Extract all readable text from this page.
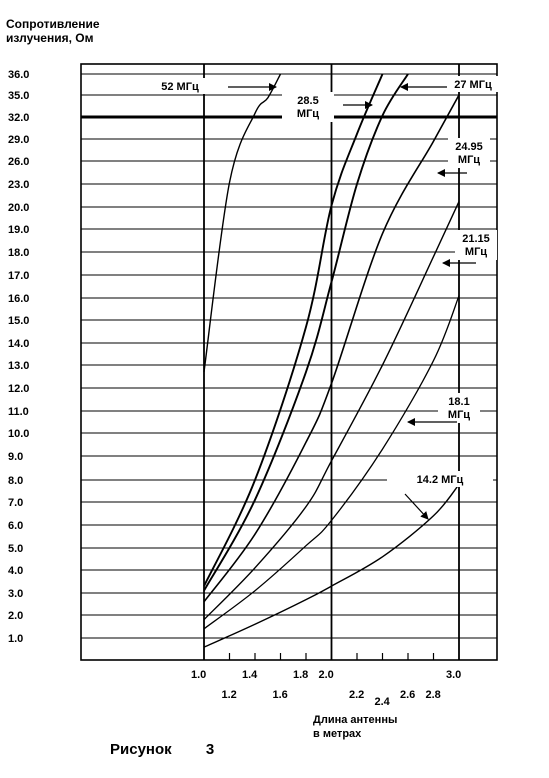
Сопротивление
излучения, Ом
36.0
35.0
32.0
29.0
26.0
23.0
20.0
19.0
18.0
17.0
16.0
15.0
14.0
13.0
12.0
11.0
10.0
9.0
8.0
7.0
6.0
5.0
4.0
3.0
2.0
1.0
1.0	1.4	1.8 2.0	3.0
1.2	1.6	2.2
2.4
2.6 2.8
52 МГц
28.5
МГц
27 МГц
24.95
МГц
21.15
МГц
18.1
МГц
14.2 МГц
Длина антенны
в метрах
Рисунок 3
